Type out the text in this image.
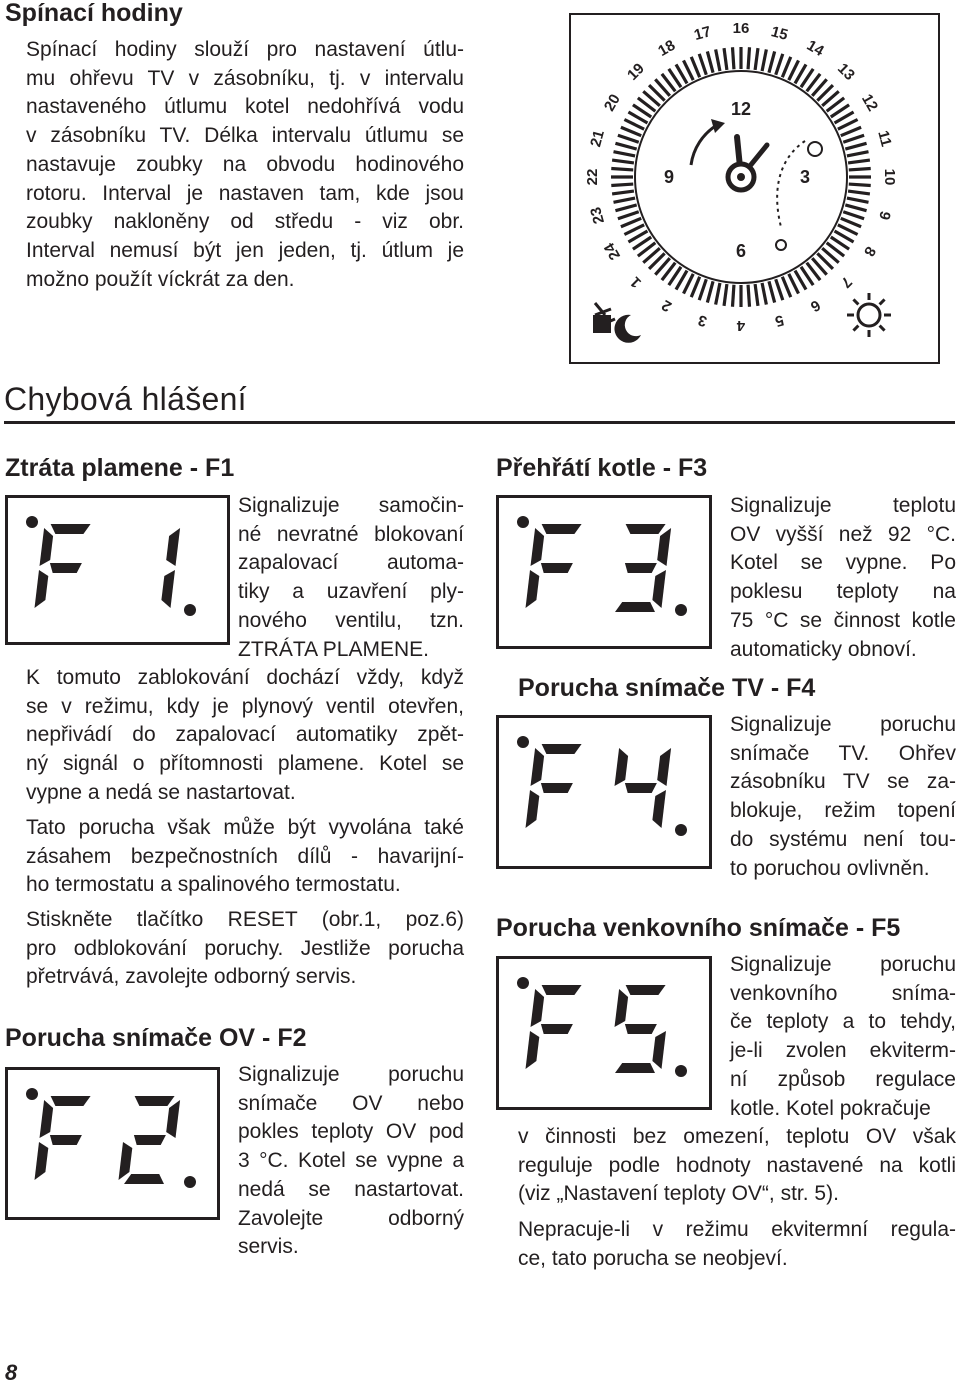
Spínací hodiny
Spínací hodiny slouží pro nastavení útlu-
mu ohřevu TV v zásobníku, tj. v intervalu
nastaveného útlumu kotel nedohřívá vodu
v zásobníku TV. Délka intervalu útlumu se
nastavuje zoubky na obvodu hodinového
rotoru. Interval je nastaven tam, kde jsou
zoubky nakloněny od středu - viz obr.
Interval nemusí být jen jeden, tj. útlum je
možno použít víckrát za den.	1
2
3 4 5
6
7
8
9
10
11
12
13
14
15
16
17
18
19
20
21
22
23
24
12
3
6
9
Chybová hlášení
Ztráta plamene - F1
Signalizuje samočin-
né nevratné blokovaní
zapalovací automa-
tiky a uzavření ply-
nového ventilu, tzn.
ZTRÁTA PLAMENE.
K tomuto zablokování dochází vždy, když
se v režimu, kdy je plynový ventil otevřen,
nepřivádí do zapalovací automatiky zpět-
ný signál o přítomnosti plamene. Kotel se
vypne a nedá se nastartovat.
Tato porucha však může být vyvolána také
zásahem bezpečnostních dílů - havarijní-
ho termostatu a spalinového termostatu.
Stiskněte tlačítko RESET (obr.1, poz.6)
pro odblokování poruchy. Jestliže porucha
přetrvává, zavolejte odborný servis.
Porucha snímače OV - F2
Signalizuje poruchu
snímače OV nebo
pokles teploty OV pod
3 °C. Kotel se vypne a
nedá se nastartovat.
Zavolejte odborný
servis.
Přehřátí kotle - F3
Signalizuje teplotu
OV vyšší než 92 °C.
Kotel se vypne. Po
poklesu teploty na
75 °C se činnost kotle
automaticky obnoví.
Porucha snímače TV - F4
Signalizuje poruchu
snímače TV. Ohřev
zásobníku TV se za-
blokuje, režim topení
do systému není tou-
to poruchou ovlivněn.
Porucha venkovního snímače - F5
Signalizuje poruchu
venkovního sníma-
če teploty a to tehdy,
je-li zvolen ekviterm-
ní způsob regulace
kotle. Kotel pokračuje
v činnosti bez omezení, teplotu OV však
reguluje podle hodnoty nastavené na kotli
(viz „Nastavení teploty OV“, str. 5).
Nepracuje-li v režimu ekvitermní regula-
ce, tato porucha se neobjeví.
8
